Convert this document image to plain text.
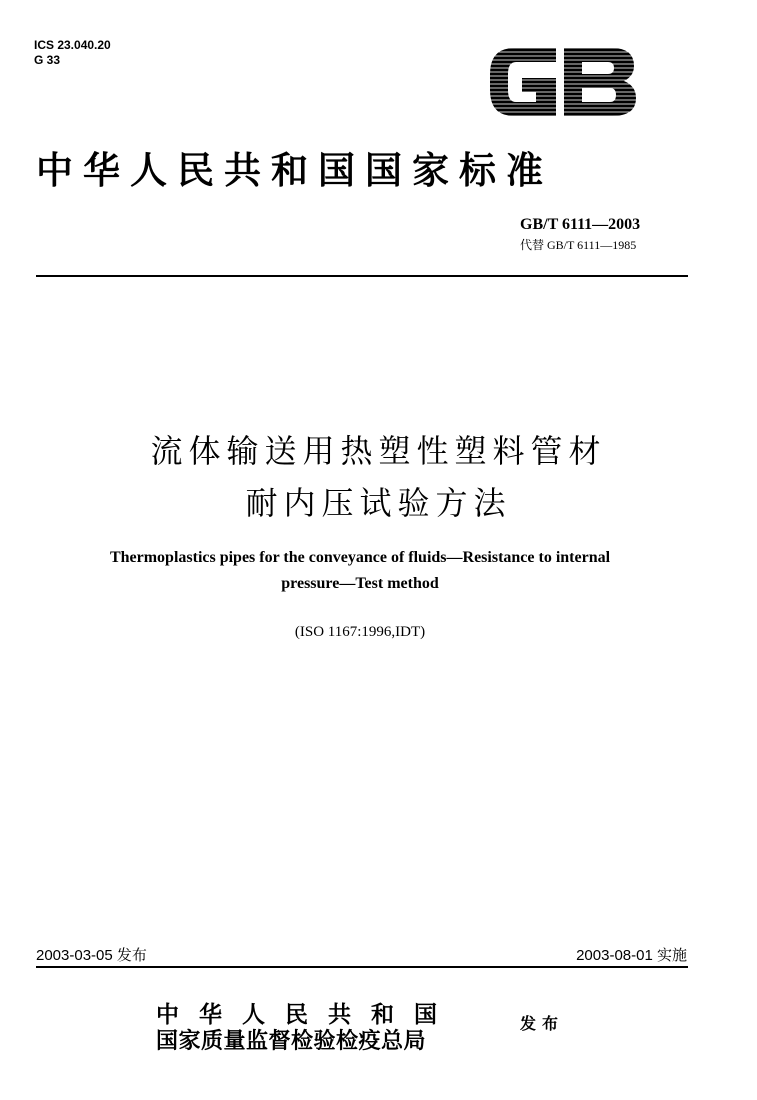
ICS 23.040.20
G 33
中华人民共和国国家标准
GB/T 6111—2003
代替 GB/T 6111—1985
流体输送用热塑性塑料管材
耐内压试验方法
Thermoplastics pipes for the conveyance of fluids—Resistance to internal
pressure—Test method
(ISO 1167:1996,IDT)
2003-03-05 发布	2003-08-01 实施
中华人民共和国
国家质量监督检验检疫总局
发布
